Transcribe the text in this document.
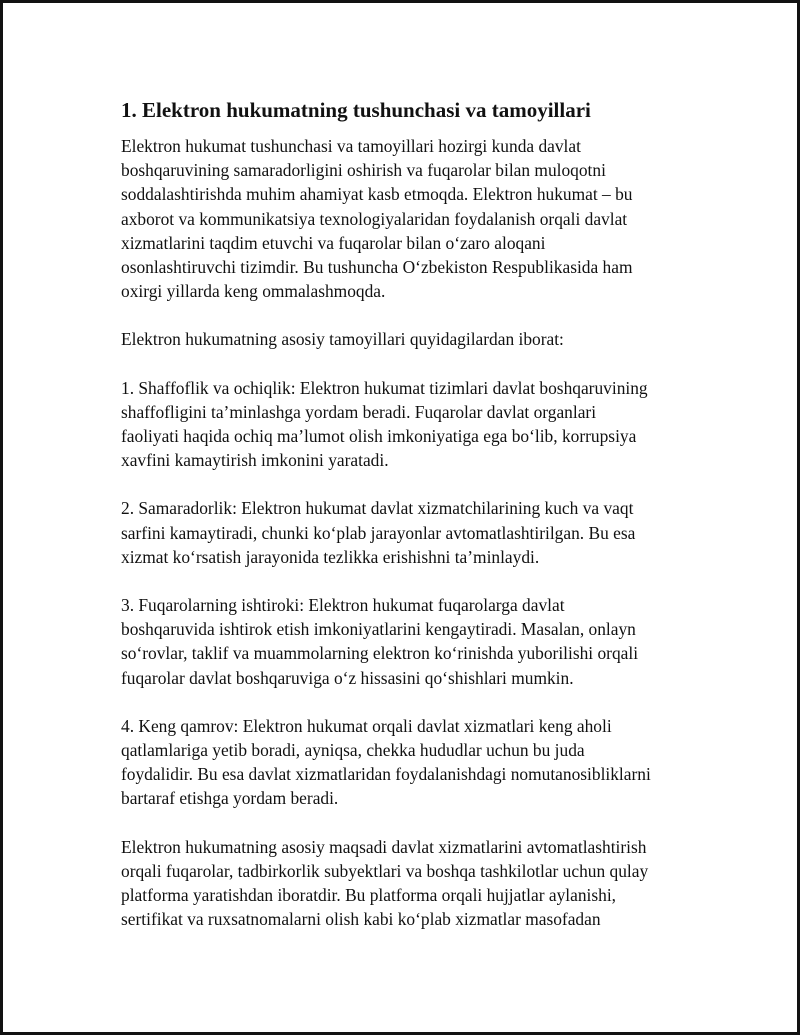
1. Elektron hukumatning tushunchasi va tamoyillari

Elektron hukumat tushunchasi va tamoyillari hozirgi kunda davlat
boshqaruvining samaradorligini oshirish va fuqarolar bilan muloqotni
soddalashtirishda muhim ahamiyat kasb etmoqda. Elektron hukumat – bu
axborot va kommunikatsiya texnologiyalaridan foydalanish orqali davlat
xizmatlarini taqdim etuvchi va fuqarolar bilan o‘zaro aloqani
osonlashtiruvchi tizimdir. Bu tushuncha O‘zbekiston Respublikasida ham
oxirgi yillarda keng ommalashmoqda.

Elektron hukumatning asosiy tamoyillari quyidagilardan iborat:

1. Shaffoflik va ochiqlik: Elektron hukumat tizimlari davlat boshqaruvining
shaffofligini ta’minlashga yordam beradi. Fuqarolar davlat organlari
faoliyati haqida ochiq ma’lumot olish imkoniyatiga ega bo‘lib, korrupsiya
xavfini kamaytirish imkonini yaratadi.

2. Samaradorlik: Elektron hukumat davlat xizmatchilarining kuch va vaqt
sarfini kamaytiradi, chunki ko‘plab jarayonlar avtomatlashtirilgan. Bu esa
xizmat ko‘rsatish jarayonida tezlikka erishishni ta’minlaydi.

3. Fuqarolarning ishtiroki: Elektron hukumat fuqarolarga davlat
boshqaruvida ishtirok etish imkoniyatlarini kengaytiradi. Masalan, onlayn
so‘rovlar, taklif va muammolarning elektron ko‘rinishda yuborilishi orqali
fuqarolar davlat boshqaruviga o‘z hissasini qo‘shishlari mumkin.

4. Keng qamrov: Elektron hukumat orqali davlat xizmatlari keng aholi
qatlamlariga yetib boradi, ayniqsa, chekka hududlar uchun bu juda
foydalidir. Bu esa davlat xizmatlaridan foydalanishdagi nomutanosibliklarni
bartaraf etishga yordam beradi.

Elektron hukumatning asosiy maqsadi davlat xizmatlarini avtomatlashtirish
orqali fuqarolar, tadbirkorlik subyektlari va boshqa tashkilotlar uchun qulay
platforma yaratishdan iboratdir. Bu platforma orqali hujjatlar aylanishi,
sertifikat va ruxsatnomalarni olish kabi ko‘plab xizmatlar masofadan
